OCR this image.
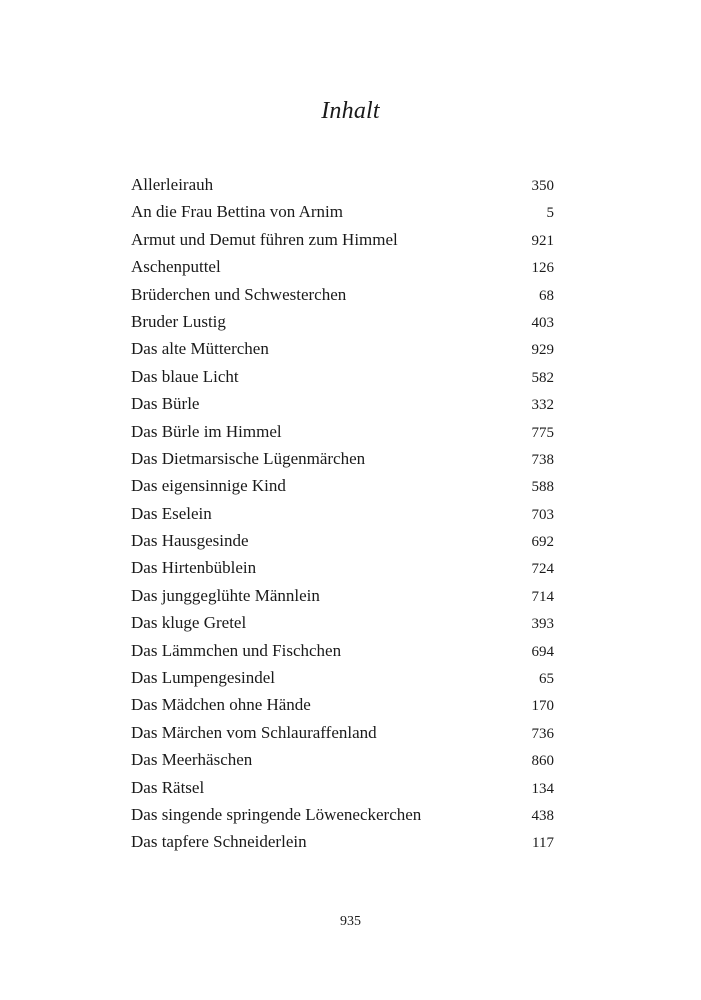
Inhalt
Allerleirauh	350
An die Frau Bettina von Arnim	5
Armut und Demut führen zum Himmel	921
Aschenputtel	126
Brüderchen und Schwesterchen	68
Bruder Lustig	403
Das alte Mütterchen	929
Das blaue Licht	582
Das Bürle	332
Das Bürle im Himmel	775
Das Dietmarsische Lügenmärchen	738
Das eigensinnige Kind	588
Das Eselein	703
Das Hausgesinde	692
Das Hirtenbüblein	724
Das junggeglühte Männlein	714
Das kluge Gretel	393
Das Lämmchen und Fischchen	694
Das Lumpengesindel	65
Das Mädchen ohne Hände	170
Das Märchen vom Schlauraffenland	736
Das Meerhäschen	860
Das Rätsel	134
Das singende springende Löweneckerchen	438
Das tapfere Schneiderlein	117
935
